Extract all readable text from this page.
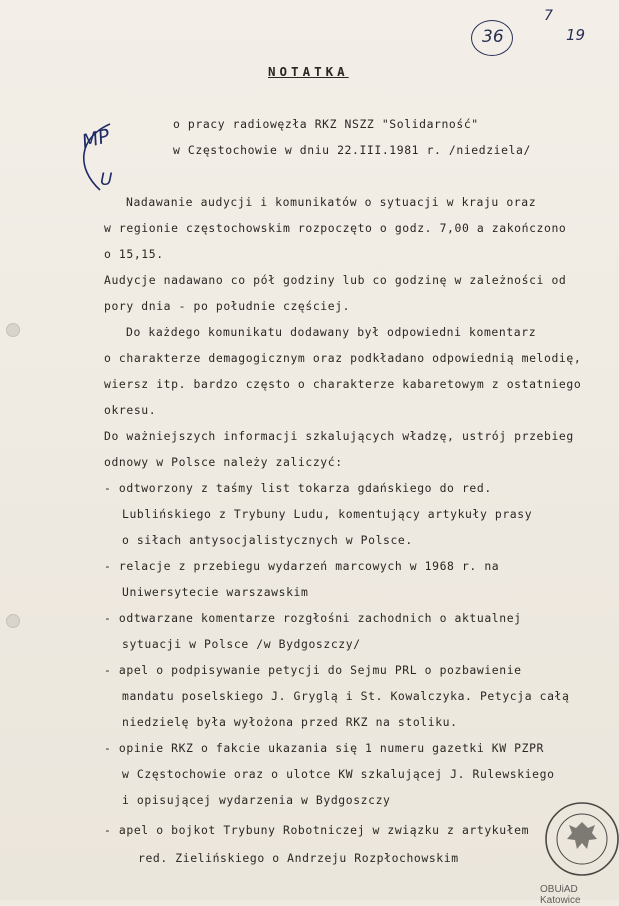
36
7
19
MP
U
NOTATKA
o pracy radiowęzła RKZ NSZZ "Solidarność"
w Częstochowie w dniu 22.III.1981 r. /niedziela/
Nadawanie audycji i komunikatów o sytuacji w kraju oraz
w regionie częstochowskim rozpoczęto o godz. 7,00 a zakończono
o 15,15.
Audycje nadawano co pół godziny lub co godzinę w zależności od
pory dnia - po południe częściej.
Do każdego komunikatu dodawany był odpowiedni komentarz
o charakterze demagogicznym oraz podkładano odpowiednią melodię,
wiersz itp. bardzo często o charakterze kabaretowym z ostatniego
okresu.
Do ważniejszych informacji szkalujących władzę, ustrój przebieg
odnowy w Polsce należy zaliczyć:
- odtworzony z taśmy list tokarza gdańskiego do red.
Lublińskiego z Trybuny Ludu, komentujący artykuły prasy
o siłach antysocjalistycznych w Polsce.
- relacje z przebiegu wydarzeń marcowych w 1968 r. na
Uniwersytecie warszawskim
- odtwarzane komentarze rozgłośni zachodnich o aktualnej
sytuacji w Polsce /w Bydgoszczy/
- apel o podpisywanie petycji do Sejmu PRL o pozbawienie
mandatu poselskiego J. Gryglą i St. Kowalczyka. Petycja całą
niedzielę była wyłożona przed RKZ na stoliku.
- opinie RKZ o fakcie ukazania się 1 numeru gazetki KW PZPR
w Częstochowie oraz o ulotce KW szkalującej J. Rulewskiego
i opisującej wydarzenia w Bydgoszczy
- apel o bojkot Trybuny Robotniczej w związku z artykułem
red. Zielińskiego o Andrzeju Rozpłochowskim
OBUiAD Katowice
